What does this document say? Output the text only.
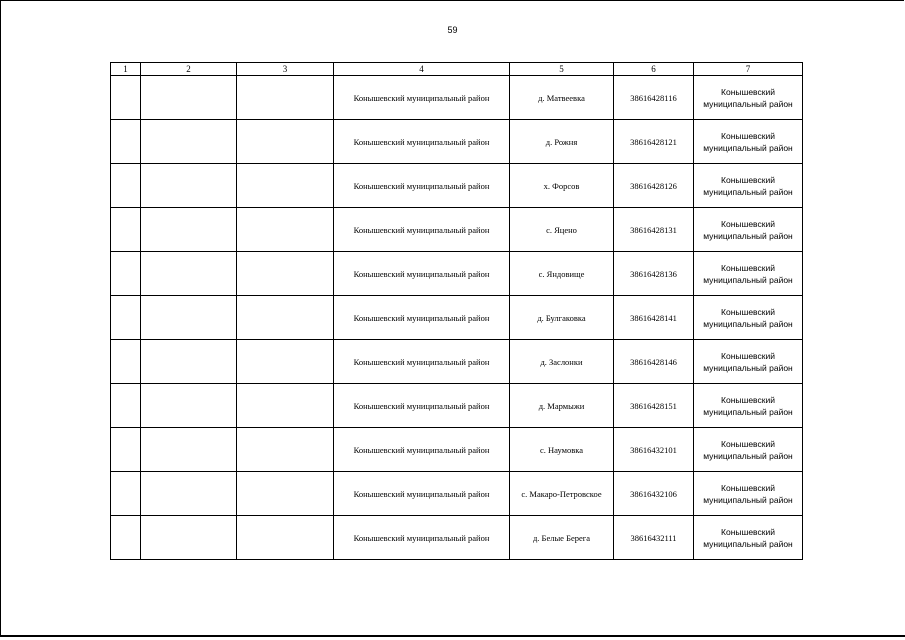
59
1	2	3	4	5	6	7
			Конышевский муниципальный район	д. Матвеевка	38616428116	Конышевский муниципальный район
			Конышевский муниципальный район	д. Рожня	38616428121	Конышевский муниципальный район
			Конышевский муниципальный район	х. Форсов	38616428126	Конышевский муниципальный район
			Конышевский муниципальный район	с. Яцено	38616428131	Конышевский муниципальный район
			Конышевский муниципальный район	с. Яндовище	38616428136	Конышевский муниципальный район
			Конышевский муниципальный район	д. Булгаковка	38616428141	Конышевский муниципальный район
			Конышевский муниципальный район	д. Заслонки	38616428146	Конышевский муниципальный район
			Конышевский муниципальный район	д. Мармыжи	38616428151	Конышевский муниципальный район
			Конышевский муниципальный район	с. Наумовка	38616432101	Конышевский муниципальный район
			Конышевский муниципальный район	с. Макаро-Петровское	38616432106	Конышевский муниципальный район
			Конышевский муниципальный район	д. Белые Берега	38616432111	Конышевский муниципальный район
